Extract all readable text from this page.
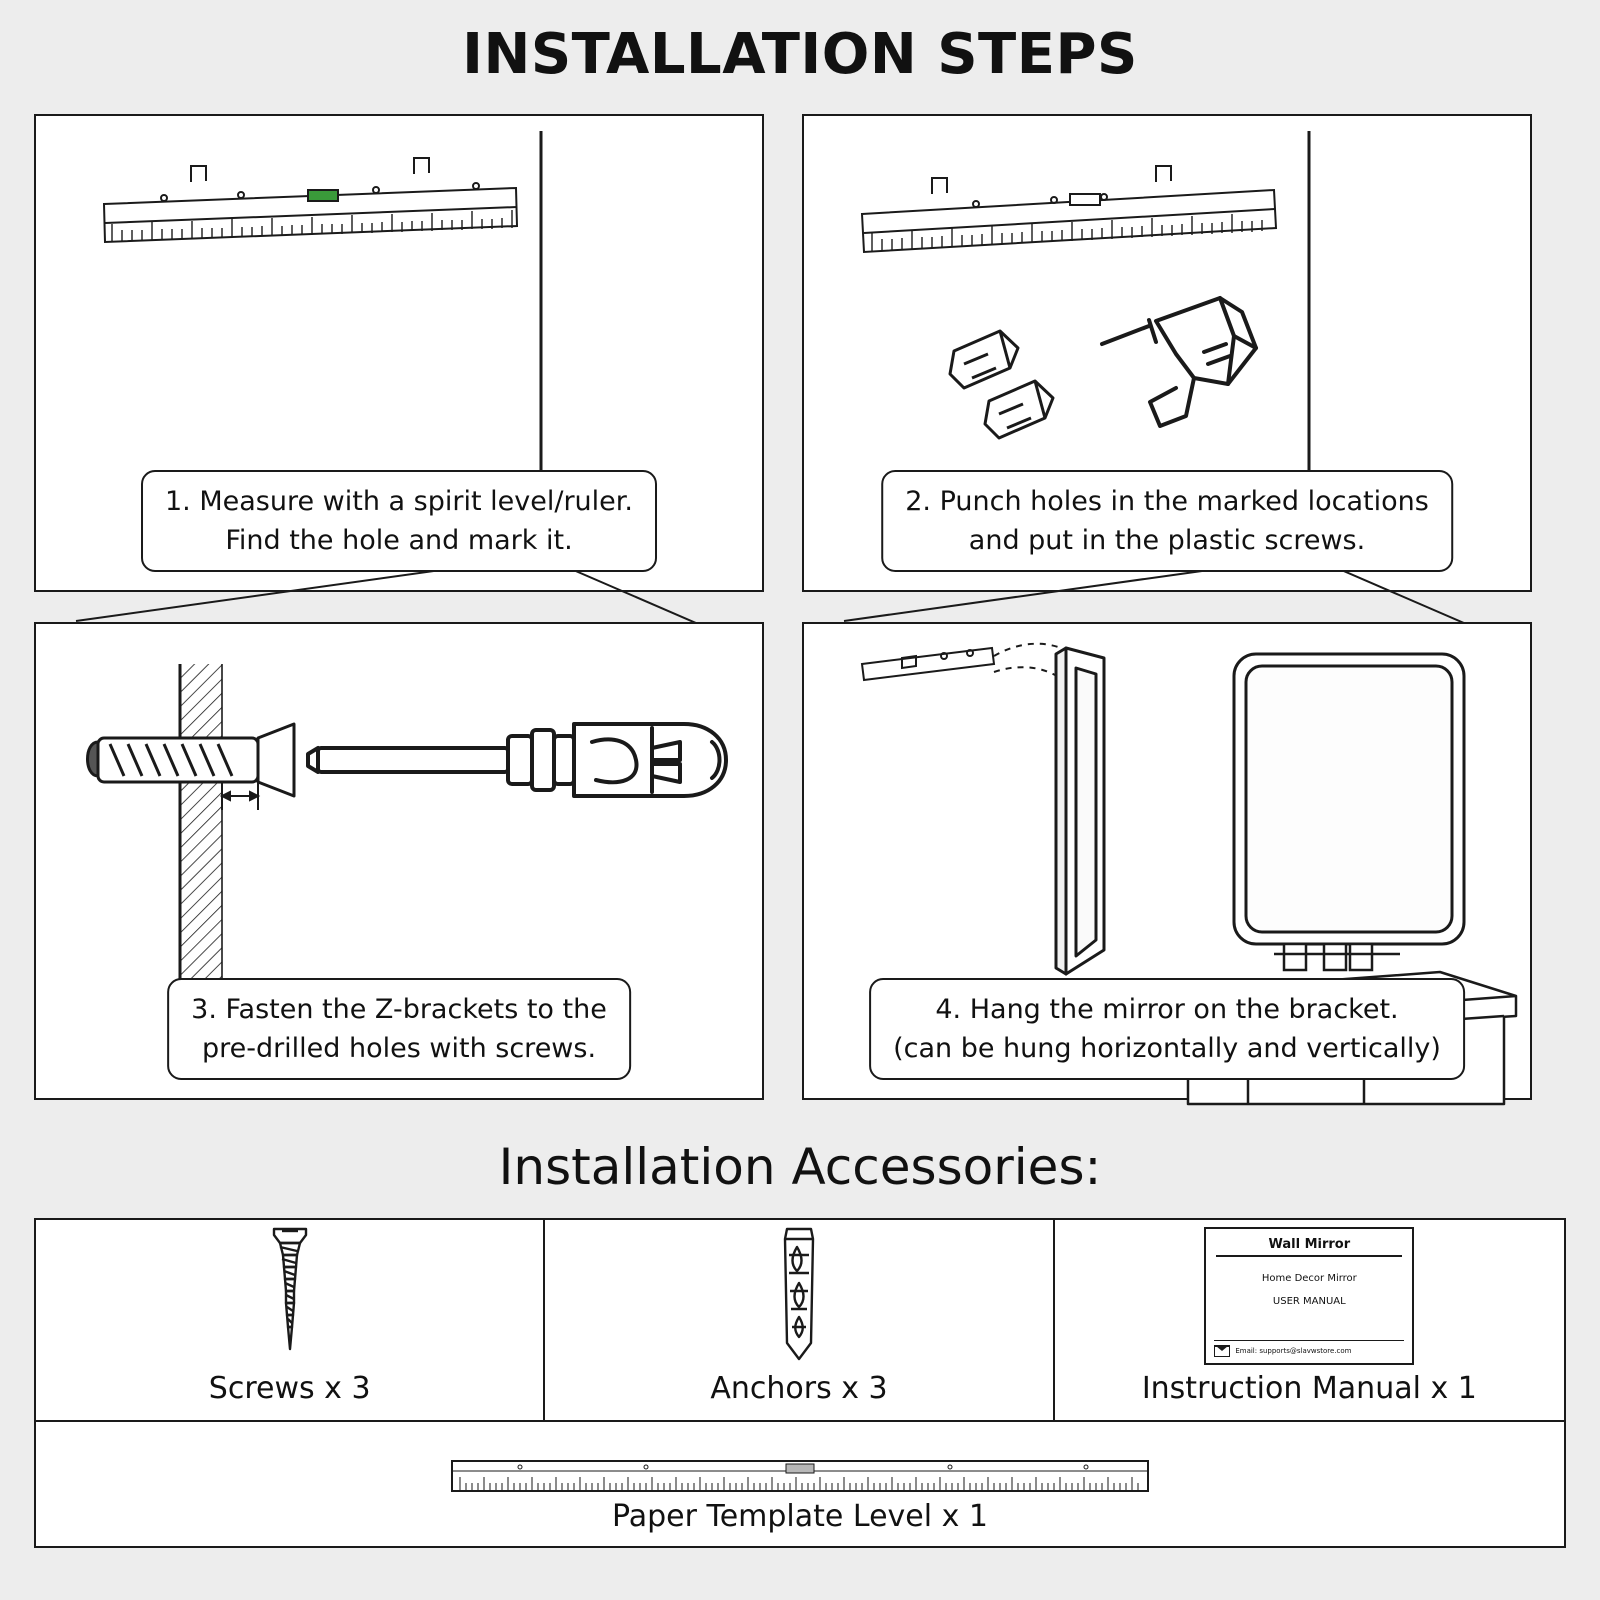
INSTALLATION STEPS
1. Measure with a spirit level/ruler.
Find the hole and mark it.
2. Punch holes in the marked locations
and put in the plastic screws.
3. Fasten the Z-brackets to the
pre-drilled holes with screws.
4. Hang the mirror on the bracket.
(can be hung horizontally and vertically)
Installation Accessories:
Screws x 3	Anchors x 3
Wall Mirror
Home Decor Mirror
USER MANUAL
Email: supports@slavwstore.com
Instruction Manual x 1
Paper Template Level x 1
